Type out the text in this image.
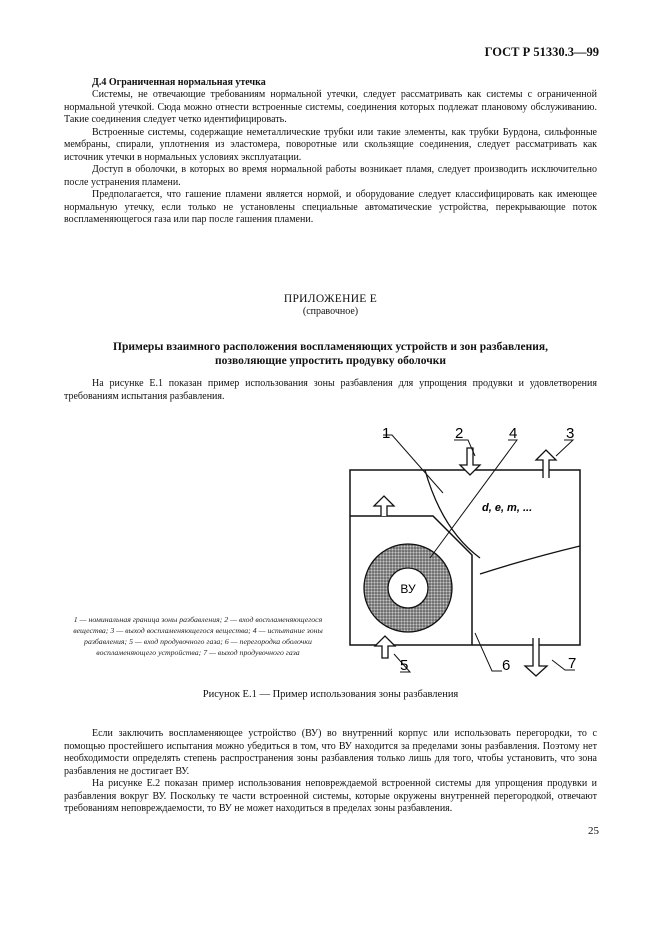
ГОСТ Р 51330.3—99
Д.4 Ограниченная нормальная утечка

Системы, не отвечающие требованиям нормальной утечки, следует рассматривать как системы с ограниченной нормальной утечкой. Сюда можно отнести встроенные системы, соединения которых подлежат плановому обслуживанию. Такие соединения следует четко идентифицировать.

Встроенные системы, содержащие неметаллические трубки или такие элементы, как трубки Бурдона, сильфонные мембраны, спирали, уплотнения из эластомера, поворотные или скользящие соединения, следует рассматривать как источник утечки в нормальных условиях эксплуатации.

Доступ в оболочки, в которых во время нормальной работы возникает пламя, следует производить исключительно после устранения пламени.

Предполагается, что гашение пламени является нормой, и оборудование следует классифицировать как имеющее нормальную утечку, если только не установлены специальные автоматические устройства, перекрывающие поток воспламеняющегося газа или пар после гашения пламени.

ПРИЛОЖЕНИЕ Е
(справочное)
Примеры взаимного расположения воспламеняющих устройств и зон разбавления,
позволяющие упростить продувку оболочки

На рисунке Е.1 показан пример использования зоны разбавления для упрощения продувки и удовлетворения требованиям испытания разбавления.

ВУ
d, e, m, ...
1	2	4	3
5	6	7
1 — номинальная граница зоны разбавления; 2 — вход воспламеняющегося вещества; 3 — выход воспламеняющегося вещества; 4 — испытание зоны разбавления; 5 — вход продувочного газа; 6 — перегородка оболочки воспламеняющего устройства; 7 — выход продувочного газа
Рисунок Е.1 — Пример использования зоны разбавления

Если заключить воспламеняющее устройство (ВУ) во внутренний корпус или использовать перегородки, то с помощью простейшего испытания можно убедиться в том, что ВУ находится за пределами зоны разбавления. Поэтому нет необходимости определять степень распространения зоны разбавления только лишь для того, чтобы установить, что зона разбавления не достигает ВУ.

На рисунке Е.2 показан пример использования неповреждаемой встроенной системы для упрощения продувки и разбавления вокруг ВУ. Поскольку те части встроенной системы, которые окружены внутренней перегородкой, отвечают требованиям неповреждаемости, то ВУ не может находиться в пределах зоны разбавления.

25
